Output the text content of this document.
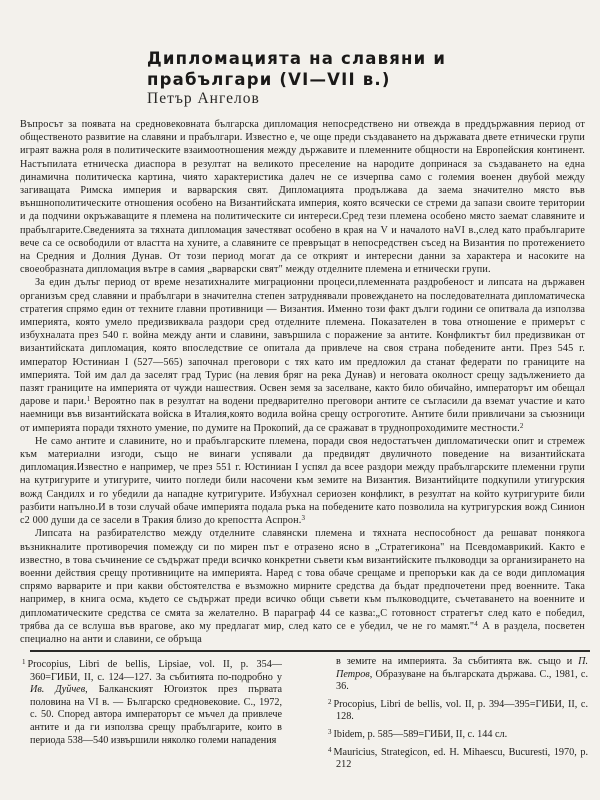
Дипломацията на славяни и
прабългари (VI—VII в.)

Петър Ангелов

Въпросът за появата на средновековната българска дипломация непосредствено ни отвежда в преддържавния период от общественото развитие на славяни и прабългари. Известно е, че още преди създаването на държавата двете етнически групи играят важна роля в политическите взаимоотношения между държавите и племенните общности на Европейския континент. Настъпилата етническа диаспора в резултат на великото преселение на народите допринася за създаването на една динамична политическа картина, чиято характеристика далеч не се изчерпва само с големия военен двубой между загиващата Римска империя и варварския свят. Дипломацията продължава да заема значително място във външнополитическите отношения особено на Византийската империя, която всячески се стреми да запази своите територии и да подчини окръжаващите я племена на политическите си интереси.Сред тези племена особено място заемат славяните и прабългарите.Сведенията за тяхната дипломация зачестяват особено в края на V и началото наVI в.,след като прабългарите вече са се освободили от властта на хуните, а славяните се превръщат в непосредствен съсед на Византия по протежението на Средния и Долния Дунав. От този период могат да се открият и интересни данни за характера и насоките на своеобразната дипломация вътре в самия „варварски свят" между отделните племена и етнически групи.

За един дълъг период от време незатихналите миграционни процеси,племенната раздробеност и липсата на държавен организъм сред славяни и прабългари в значителна степен затруднявали провеждането на последователната дипломатическа стратегия спрямо един от техните главни противници — Византия. Именно този факт дълги години се опитвала да използва империята, която умело предизвиквала раздори сред отделните племена. Показателен в това отношение е примерът с избухналата през 540 г. война между анти и славини, завършила с поражение за антите. Конфликтът бил предизвикан от византийската дипломация, която впоследствие се опитала да привлече на своя страна победените анти. През 545 г. император Юстиниан I (527—565) започнал преговори с тях като им предложил да станат федерати по границите на империята. Той им дал да заселят град Турис (на левия бряг на река Дунав) и неговата околност срещу задължението да пазят границите на империята от чужди нашествия. Освен земя за заселване, както било обичайно, императорът им обещал дарове и пари.$^1$ Вероятно пак в резултат на водени предварително преговори антите се съгласили да вземат участие и като наемници във византийската войска в Италия,която водила война срещу остроготите. Антите били привличани за съюзници от империята поради тяхното умение, по думите на Прокопий, да се сражават в труднопроходимите местности.$^2$

Не само антите и славините, но и прабългарските племена, поради своя недостатъчен дипломатически опит и стремеж към материални изгоди, също не винаги успявали да предвидят двуличното поведение на византийската дипломация.Известно е например, че през 551 г. Юстиниан I успял да всее раздори между прабългарските племенни групи на кутригурите и утигурите, чиито погледи били насочени към земите на Византия. Византийците подкупили утигурския вожд Сандилх и го убедили да нападне кутригурите. Избухнал сериозен конфликт, в резултат на който кутригурите били разбити напълно.И в този случай обаче империята подала ръка на победените като позволила на кутригурския вожд Синион с2 000 души да се засели в Тракия близо до крепостта Аспрон.$^3$

Липсата на разбирателство между отделните славянски племена и тяхната неспособност да решават понякога възникналите противоречия помежду си по мирен път е отразено ясно в „Стратегикона" на Псевдомаврикий. Както е известно, в това съчинение се съдържат преди всичко конкретни съвети към византийските пълководци за организирането на военни действия срещу противниците на империята. Наред с това обаче срещаме и препоръки как да се води дипломация спрямо варварите и при какви обстоятелства е възможно мирните средства да бъдат предпочетени пред военните. Така например, в книга осма, където се съдържат преди всичко общи съвети към пълководците, съчетаването на военните и дипломатическите средства се смята за желателно. В параграф 44 се казва:„С готовност стратегът след като е победил, трябва да се вслуша във врагове, ако му предлагат мир, след като се е убедил, че не го мамят."$^4$ А в раздела, посветен специално на анти и славини, се обръща

$^1$ Procopius, Libri de bellis, Lipsiae, vol. II, p. 354—360=ГИБИ, II, с. 124—127. За събитията по-подробно у Ив. Дуйчев, Балканският Югоизток през първата половина на VI в. — Българско средновековие. С., 1972, с. 50. Според автора императорът се мъчел да привлече антите и да ги използва срещу прабългарите, които в периода 538—540 извършили няколко големи нападения

в земите на империята. За събитията вж. също и П. Петров, Образуване на българската държава. С., 1981, с. 36.

$^2$ Procopius, Libri de bellis, vol. II, p. 394—395=ГИБИ, II, с. 128.

$^3$ Ibidem, p. 585—589=ГИБИ, II, с. 144 сл.

$^4$ Mauricius, Strategicon, ed. H. Mihaescu, Bucuresti, 1970, p. 212
